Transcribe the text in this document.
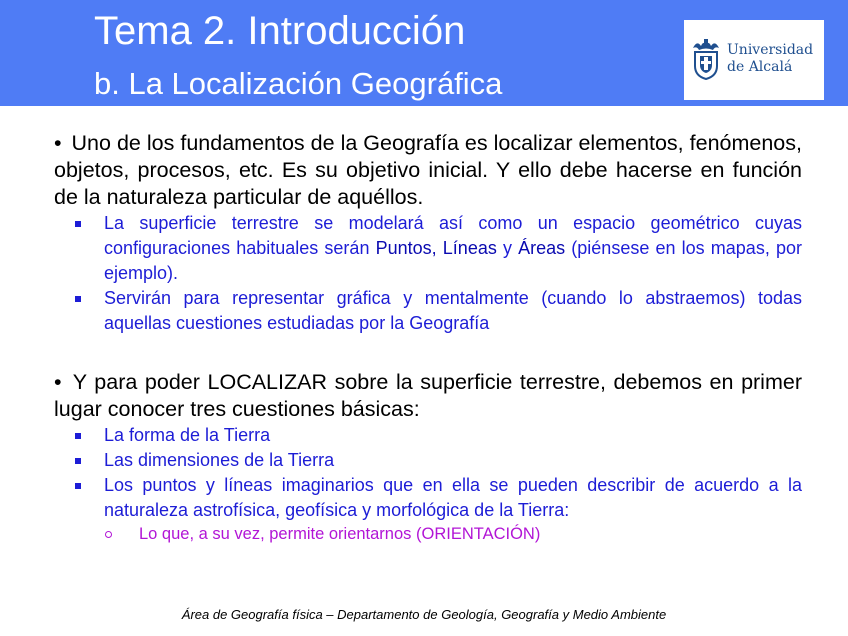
Tema 2. Introducción
b. La Localización Geográfica
Universidad
de Alcalá

• Uno de los fundamentos de la Geografía es localizar elementos, fenómenos, objetos, procesos, etc. Es su objetivo inicial. Y ello debe hacerse en función de la naturaleza particular de aquéllos.

La superficie terrestre se modelará así como un espacio geométrico cuyas configuraciones habituales serán Puntos, Líneas y Áreas (piénsese en los mapas, por ejemplo).
Servirán para representar gráfica y mentalmente (cuando lo abstraemos) todas aquellas cuestiones estudiadas por la Geografía

• Y para poder LOCALIZAR sobre la superficie terrestre, debemos en primer lugar conocer tres cuestiones básicas:

La forma de la Tierra
Las dimensiones de la Tierra
Los puntos y líneas imaginarios que en ella se pueden describir de acuerdo a la naturaleza astrofísica, geofísica y morfológica de la Tierra:
Lo que, a su vez, permite orientarnos (ORIENTACIÓN)
Área de Geografía física – Departamento de Geología, Geografía y Medio Ambiente
